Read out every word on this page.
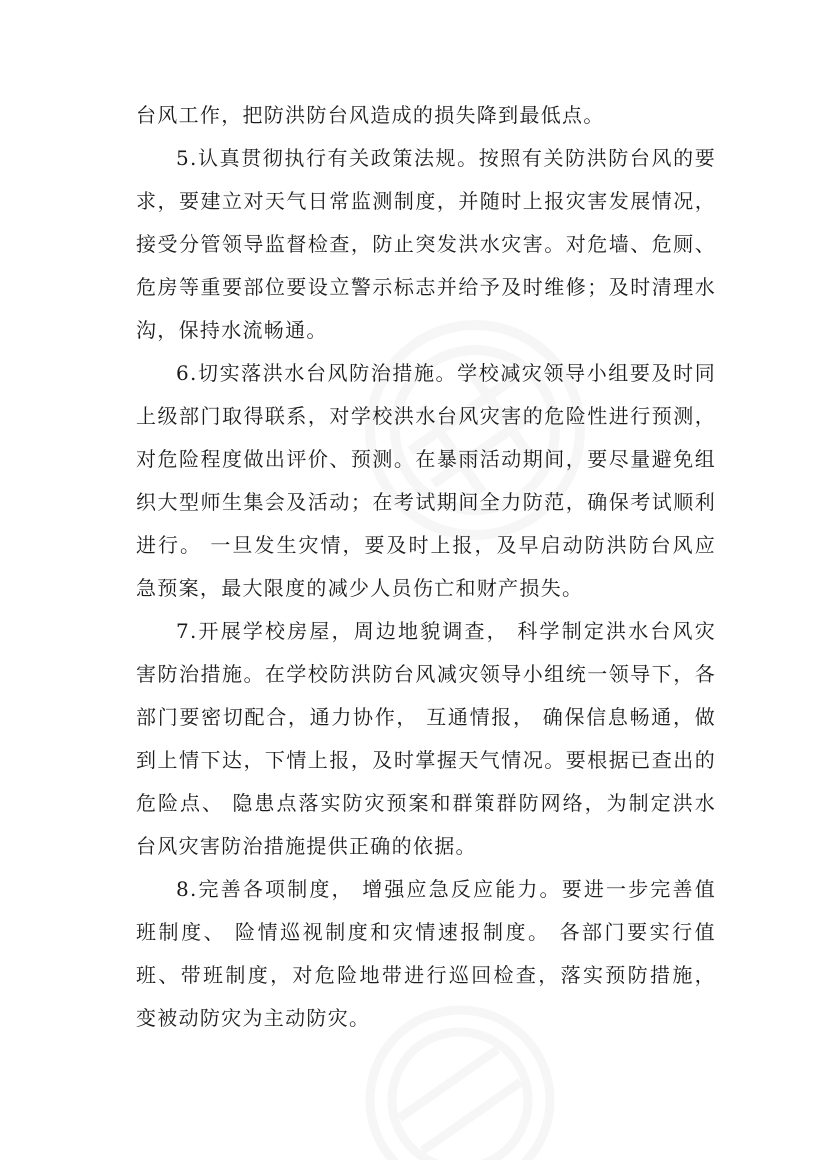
台风工作，把防洪防台风造成的损失降到最低点。

5.认真贯彻执行有关政策法规。按照有关防洪防台风的要求，要建立对天气日常监测制度，并随时上报灾害发展情况，接受分管领导监督检查，防止突发洪水灾害。对危墙、危厕、危房等重要部位要设立警示标志并给予及时维修；及时清理水沟，保持水流畅通。

6.切实落洪水台风防治措施。学校减灾领导小组要及时同上级部门取得联系，对学校洪水台风灾害的危险性进行预测，对危险程度做出评价、预测。在暴雨活动期间，要尽量避免组织大型师生集会及活动；在考试期间全力防范，确保考试顺利进行。 一旦发生灾情，要及时上报，及早启动防洪防台风应急预案，最大限度的减少人员伤亡和财产损失。

7.开展学校房屋，周边地貌调查， 科学制定洪水台风灾害防治措施。在学校防洪防台风减灾领导小组统一领导下，各部门要密切配合，通力协作， 互通情报， 确保信息畅通，做到上情下达，下情上报，及时掌握天气情况。要根据已查出的危险点、 隐患点落实防灾预案和群策群防网络，为制定洪水台风灾害防治措施提供正确的依据。

8.完善各项制度， 增强应急反应能力。要进一步完善值班制度、 险情巡视制度和灾情速报制度。 各部门要实行值班、带班制度，对危险地带进行巡回检查，落实预防措施， 变被动防灾为主动防灾。
